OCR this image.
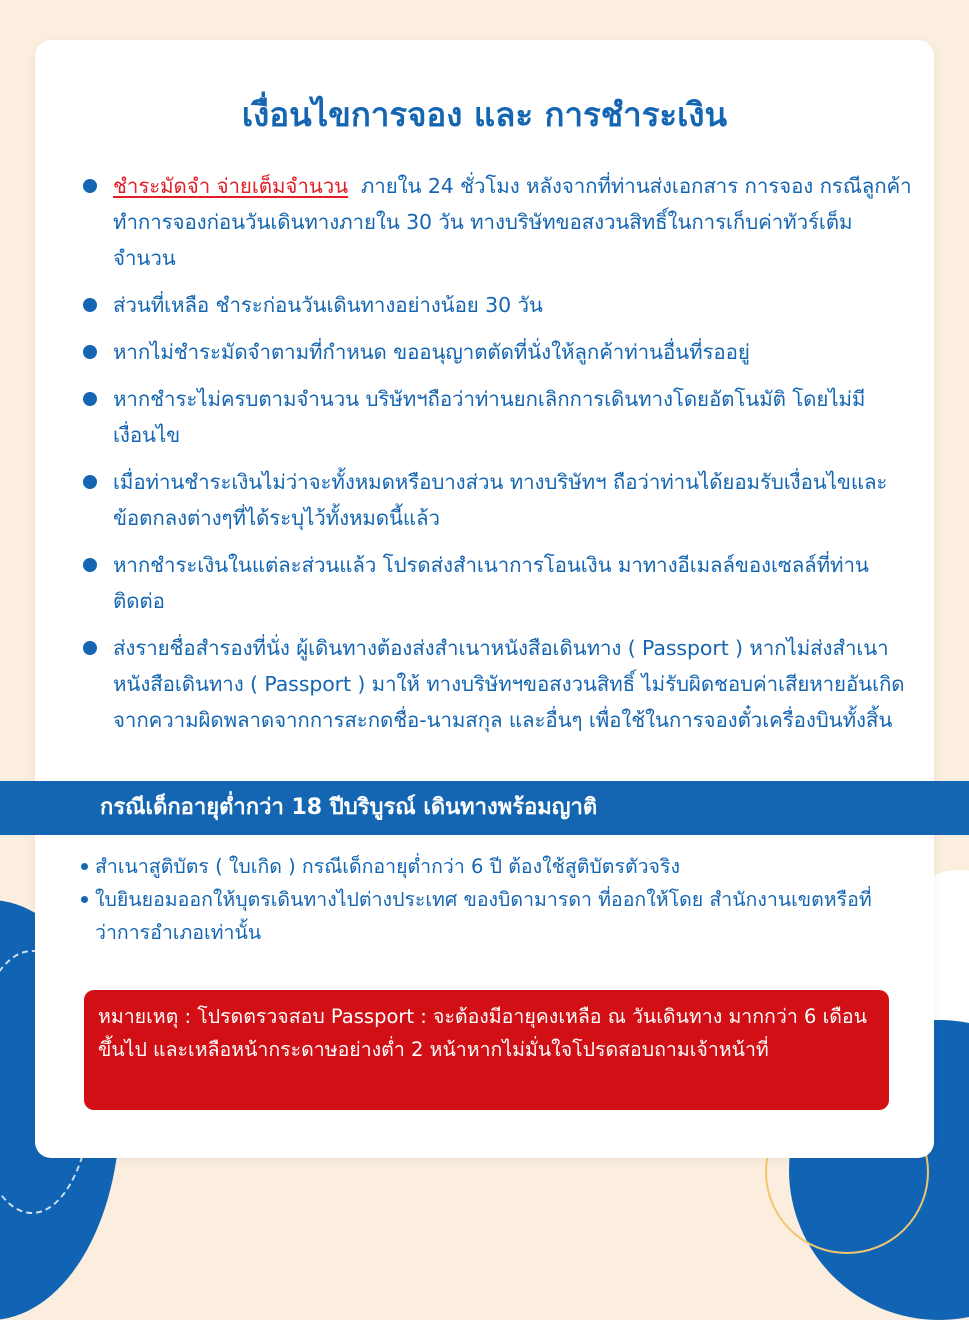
เงื่อนไขการจอง และ การชำระเงิน
ชำระมัดจำ จ่ายเต็มจำนวน ภายใน 24 ชั่วโมง หลังจากที่ท่านส่งเอกสาร การจอง กรณีลูกค้าทำการจองก่อนวันเดินทางภายใน 30 วัน ทางบริษัทขอสงวนสิทธิ์ในการเก็บค่าทัวร์เต็มจำนวน
ส่วนที่เหลือ ชำระก่อนวันเดินทางอย่างน้อย 30 วัน
หากไม่ชำระมัดจำตามที่กำหนด ขออนุญาตตัดที่นั่งให้ลูกค้าท่านอื่นที่รออยู่
หากชำระไม่ครบตามจำนวน บริษัทฯถือว่าท่านยกเลิกการเดินทางโดยอัตโนมัติ โดยไม่มีเงื่อนไข
เมื่อท่านชำระเงินไม่ว่าจะทั้งหมดหรือบางส่วน ทางบริษัทฯ ถือว่าท่านได้ยอมรับเงื่อนไขและข้อตกลงต่างๆที่ได้ระบุไว้ทั้งหมดนี้แล้ว
หากชำระเงินในแต่ละส่วนแล้ว โปรดส่งสำเนาการโอนเงิน มาทางอีเมลล์ของเซลล์ที่ท่านติดต่อ
ส่งรายชื่อสำรองที่นั่ง ผู้เดินทางต้องส่งสำเนาหนังสือเดินทาง ( Passport ) หากไม่ส่งสำเนาหนังสือเดินทาง ( Passport ) มาให้ ทางบริษัทฯขอสงวนสิทธิ์ ไม่รับผิดชอบค่าเสียหายอันเกิดจากความผิดพลาดจากการสะกดชื่อ-นามสกุล และอื่นๆ เพื่อใช้ในการจองตั๋วเครื่องบินทั้งสิ้น
สำเนาสูติบัตร ( ใบเกิด ) กรณีเด็กอายุต่ำกว่า 6 ปี ต้องใช้สูติบัตรตัวจริง
ใบยินยอมออกให้บุตรเดินทางไปต่างประเทศ ของบิดามารดา ที่ออกให้โดย สำนักงานเขตหรือที่ว่าการอำเภอเท่านั้น
หมายเหตุ : โปรดตรวจสอบ Passport : จะต้องมีอายุคงเหลือ ณ วันเดินทาง มากกว่า 6 เดือนขึ้นไป และเหลือหน้ากระดาษอย่างต่ำ 2 หน้าหากไม่มั่นใจโปรดสอบถามเจ้าหน้าที่
กรณีเด็กอายุต่ำกว่า 18 ปีบริบูรณ์ เดินทางพร้อมญาติ
